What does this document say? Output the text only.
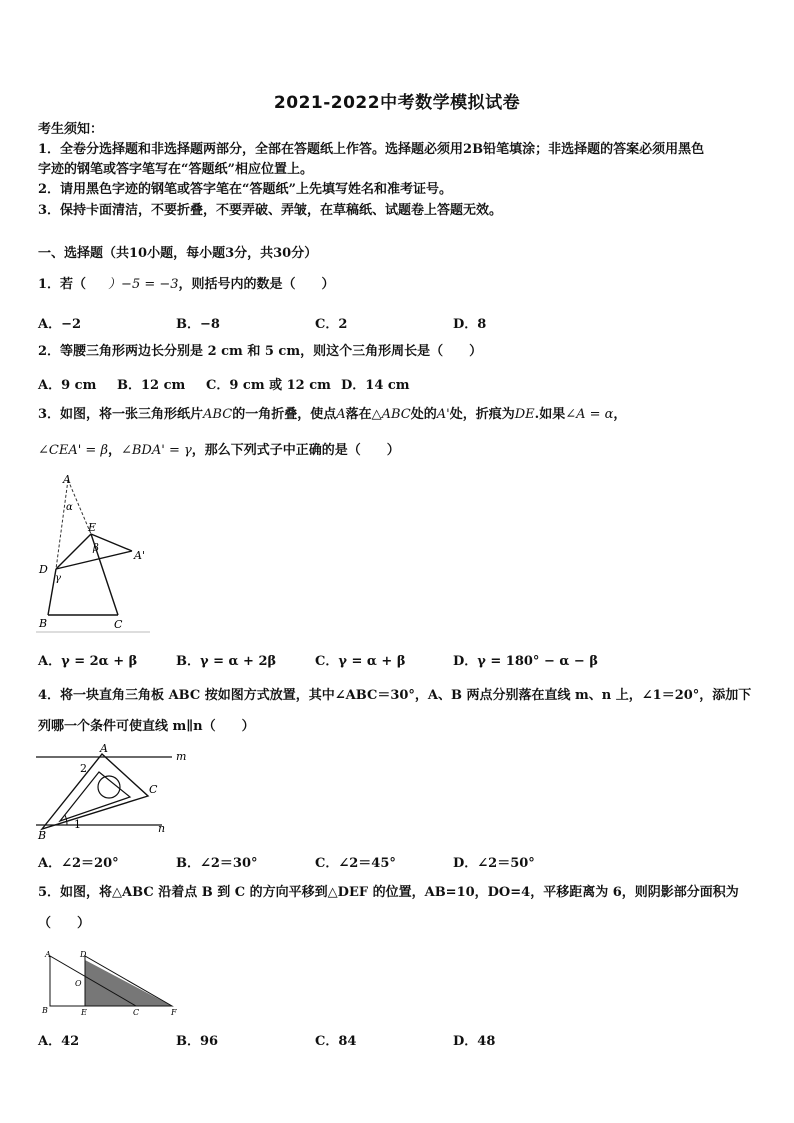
2021-2022中考数学模拟试卷
考生须知：
1．全卷分选择题和非选择题两部分，全部在答题纸上作答。选择题必须用2B铅笔填涂；非选择题的答案必须用黑色
字迹的钢笔或答字笔写在“答题纸”相应位置上。
2．请用黑色字迹的钢笔或答字笔在“答题纸”上先填写姓名和准考证号。
3．保持卡面清洁，不要折叠，不要弄破、弄皱，在草稿纸、试题卷上答题无效。
一、选择题（共10小题，每小题3分，共30分）
1．若（ ）−5 = −3，则括号内的数是（　　）
A．−2	B．−8	C．2	D．8
2．等腰三角形两边长分别是 2 cm 和 5 cm，则这个三角形周长是（　　）
A．9 cm B．12 cm C．9 cm 或 12 cm D．14 cm
3．如图，将一张三角形纸片ABC的一角折叠，使点A落在△ABC处的A'处，折痕为DE.如果∠A = α，
∠CEA' = β，∠BDA' = γ，那么下列式子中正确的是（　　）
A
α
E
β
A'
D
γ
B	C
A．γ = 2α + β	B．γ = α + 2β	C．γ = α + β	D．γ = 180° − α − β
4．将一块直角三角板 ABC 按如图方式放置，其中∠ABC＝30°，A、B 两点分别落在直线 m、n 上，∠1＝20°，添加下
列哪一个条件可使直线 m∥n（　　）
A
m
2
C
B
1	n
A．∠2＝20°	B．∠2＝30°	C．∠2＝45°	D．∠2＝50°
5．如图，将△ABC 沿着点 B 到 C 的方向平移到△DEF 的位置，AB=10，DO=4，平移距离为 6，则阴影部分面积为
（　　）
A	D
O
B	E	C	F
A．42	B．96	C．84	D．48
